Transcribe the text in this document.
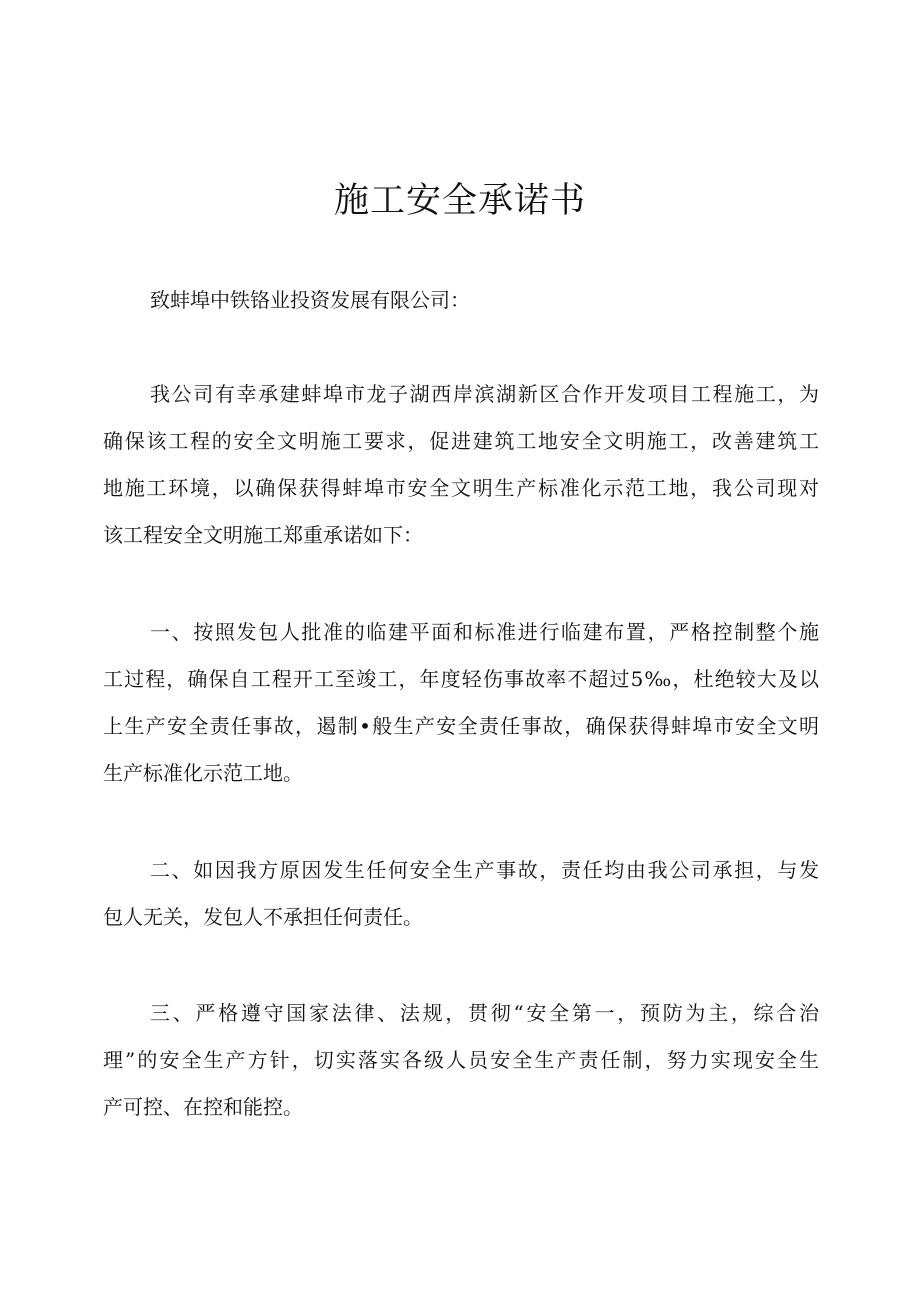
施工安全承诺书

致蚌埠中铁铬业投资发展有限公司：

我公司有幸承建蚌埠市龙子湖西岸滨湖新区合作开发项目工程施工，为
确保该工程的安全文明施工要求，促进建筑工地安全文明施工，改善建筑工
地施工环境，以确保获得蚌埠市安全文明生产标准化示范工地，我公司现对
该工程安全文明施工郑重承诺如下：
一、按照发包人批准的临建平面和标准进行临建布置，严格控制整个施
工过程，确保自工程开工至竣工，年度轻伤事故率不超过5‰，杜绝较大及以
上生产安全责任事故，遏制•般生产安全责任事故，确保获得蚌埠市安全文明
生产标准化示范工地。
二、如因我方原因发生任何安全生产事故，责任均由我公司承担，与发
包人无关，发包人不承担任何责任。
三、严格遵守国家法律、法规，贯彻“安全第一，预防为主，综合治
理”的安全生产方针，切实落实各级人员安全生产责任制，努力实现安全生
产可控、在控和能控。
